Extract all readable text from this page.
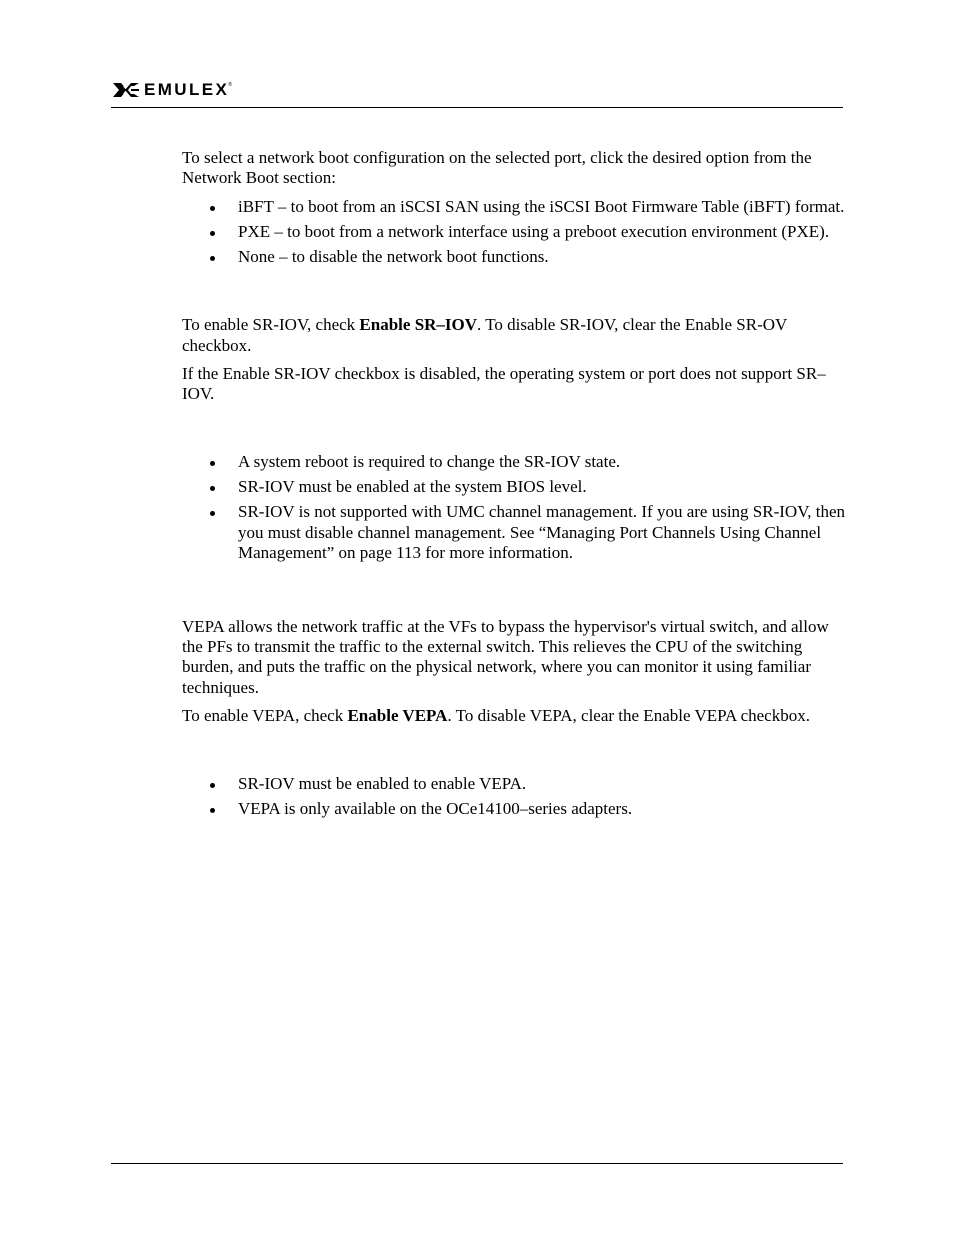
EMULEX ®

To select a network boot configuration on the selected port, click the desired option from the Network Boot section:

iBFT – to boot from an iSCSI SAN using the iSCSI Boot Firmware Table (iBFT) format.
PXE – to boot from a network interface using a preboot execution environment (PXE).
None – to disable the network boot functions.

To enable SR-IOV, check Enable SR–IOV. To disable SR-IOV, clear the Enable SR-OV checkbox.

If the Enable SR-IOV checkbox is disabled, the operating system or port does not support SR–IOV.

A system reboot is required to change the SR-IOV state.
SR-IOV must be enabled at the system BIOS level.
SR-IOV is not supported with UMC channel management. If you are using SR-IOV, then you must disable channel management. See “Managing Port Channels Using Channel Management” on page 113 for more information.

VEPA allows the network traffic at the VFs to bypass the hypervisor's virtual switch, and allow the PFs to transmit the traffic to the external switch. This relieves the CPU of the switching burden, and puts the traffic on the physical network, where you can monitor it using familiar techniques.

To enable VEPA, check Enable VEPA. To disable VEPA, clear the Enable VEPA checkbox.

SR-IOV must be enabled to enable VEPA.
VEPA is only available on the OCe14100–series adapters.
